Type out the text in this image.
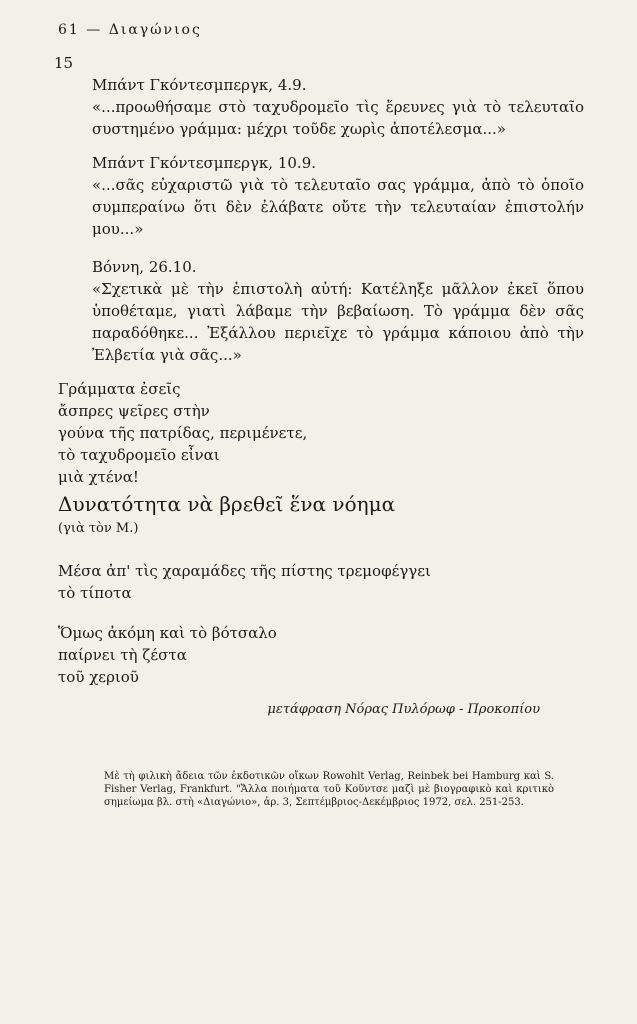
61 — Διαγώνιος
15
Μπάντ Γκόντεσμπεργκ, 4.9.
«...προωθήσαμε στὸ ταχυδρομεῖο τὶς ἔρευνες γιὰ τὸ τελευταῖο συστημένο γράμμα: μέχρι τοῦδε χωρὶς ἀποτέλεσμα...»
Μπάντ Γκόντεσμπεργκ, 10.9.
«...σᾶς εὐχαριστῶ γιὰ τὸ τελευταῖο σας γράμμα, ἀπὸ τὸ ὁποῖο συμπεραίνω ὅτι δὲν ἐλάβατε οὔτε τὴν τελευταίαν ἐπιστολήν μου...»
Βόννη, 26.10.
«Σχετικὰ μὲ τὴν ἐπιστολὴ αὐτή: Κατέληξε μᾶλλον ἐκεῖ ὅπου ὑποθέταμε, γιατὶ λάβαμε τὴν βεβαίωση. Τὸ γράμμα δὲν σᾶς παραδόθηκε... Ἐξάλλου περιεῖχε τὸ γράμμα κάποιου ἀπὸ τὴν Ἐλβετία γιὰ σᾶς...»
Γράμματα ἐσεῖς
ἄσπρες ψεῖρες στὴν
γούνα τῆς πατρίδας, περιμένετε,
τὸ ταχυδρομεῖο εἶναι
μιὰ χτένα!
Δυνατότητα νὰ βρεθεῖ ἕνα νόημα
(γιὰ τὸν Μ.)
Μέσα ἀπ' τὶς χαραμάδες τῆς πίστης τρεμοφέγγει
τὸ τίποτα
Ὅμως ἀκόμη καὶ τὸ βότσαλο
παίρνει τὴ ζέστα
τοῦ χεριοῦ
μετάφραση Νόρας Πυλόρωφ - Προκοπίου
Μὲ τὴ φιλικὴ ἄδεια τῶν ἐκδοτικῶν οἴκων Rowohlt Verlag, Reinbek bei Hamburg καὶ S. Fisher Verlag, Frankfurt. "Ἄλλα ποιήματα τοῦ Κοῦντσε μαζὶ μὲ βιογραφικὸ καὶ κριτικὸ σημείωμα βλ. στὴ «Διαγώνιο», ἀρ. 3, Σεπτέμβριος-Δεκέμβριος 1972, σελ. 251-253.
